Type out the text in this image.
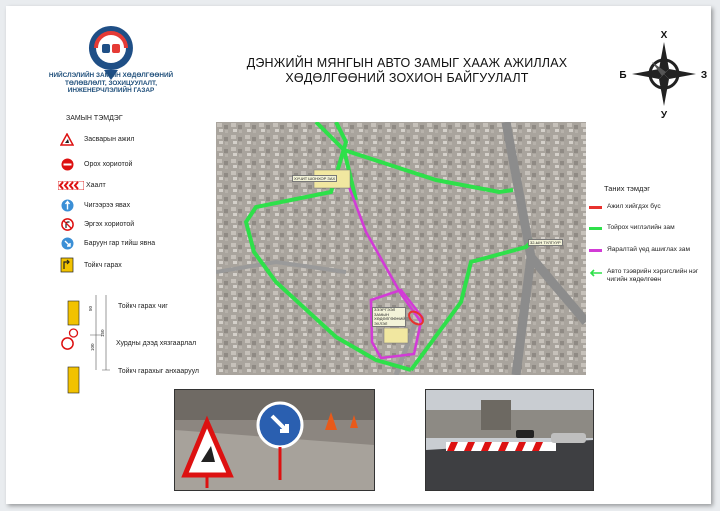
НИЙСЛЭЛИЙН ЗАМЫН ХӨДӨЛГӨӨНИЙ ТӨЛӨВЛӨЛТ, ЗОХИЦУУЛАЛТ, ИНЖЕНЕРЧЛЭЛИЙН ГАЗАР
ДЭНЖИЙН МЯНГЫН АВТО ЗАМЫГ ХААЖ АЖИЛЛАХ
ХӨДӨЛГӨӨНИЙ ЗОХИОН БАЙГУУЛАЛТ
Х
У
Б	З
ЗАМЫН ТЭМДЭГ
Засварын ажил
Орох хориотой
Хаалт
Чигээрээ явах
Эргэх хориотой
Баруун гар тийш явна
Тойкч гарах
50
100
150
Тойкч гарах чиг
Хурдны дээд хязгаарлал
Тойкч гарахыг анхааруул
ХУЧИТ ШОНХОР ЗАХ
ЗЭЭРГЭЭЛ ЗАМЫН ХӨДӨЛГӨӨНИЙ ЭХЛЭЛ
32-ЫН ТУЛГУУР
Таних тэмдэг
Ажил хийгдэх бүс
Тойрох чиглэлийн зам
Яаралтай үед ашиглах зам
Авто тээврийн хэрэгслийн нэг чигийн хөдөлгөөн
